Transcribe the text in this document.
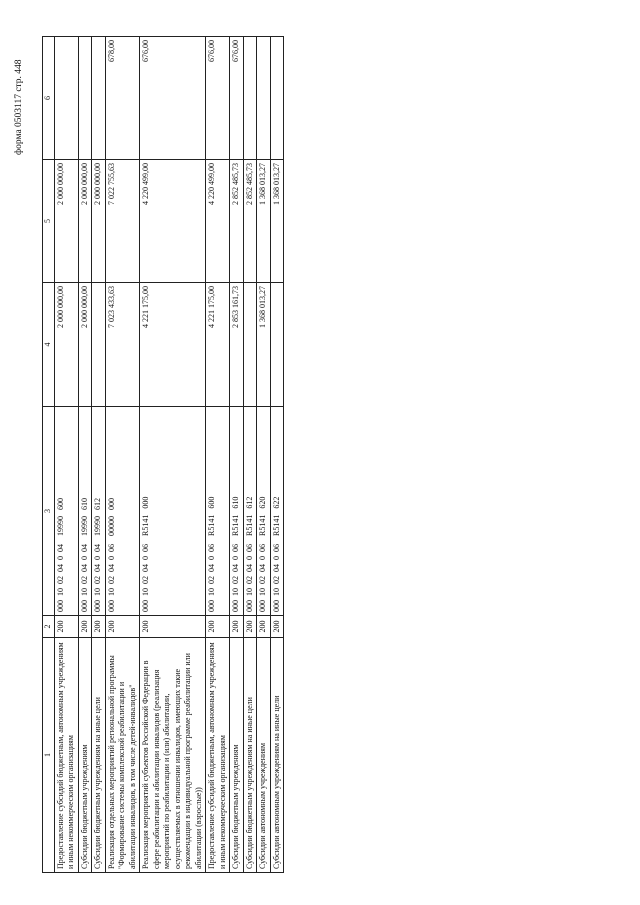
форма 0503117 стр. 448
1	2	3	4	5	6
Предоставление субсидий бюджетным, автономным учреждениям и иным некоммерческим организациям	200	000  10  02  04  0  04    19990   600	2 000 000,00	2 000 000,00	
Субсидии бюджетным учреждениям	200	000  10  02  04  0  04    19990   610	2 000 000,00	2 000 000,00	
Субсидии бюджетным учреждениям на иные цели	200	000  10  02  04  0  04    19990   612		2 000 000,00	
Реализация отдельных мероприятий региональной программы "Формирование системы комплексной реабилитации и абилитации инвалидов, в том числе детей-инвалидов"	200	000  10  02  04  0  06    00000   000	7 023 433,63	7 022 755,63	678,00
Реализация мероприятий субъектов Российской Федерации в сфере реабилитации и абилитации инвалидов (реализация мероприятий по реабилитации и (или) абилитации, осуществляемых в отношении инвалидов, имеющих такие рекомендации в индивидуальной программе реабилитации или абилитации (взрослые))	200	000  10  02  04  0  06    R5141   000	4 221 175,00	4 220 499,00	676,00
Предоставление субсидий бюджетным, автономным учреждениям и иным некоммерческим организациям	200	000  10  02  04  0  06    R5141   600	4 221 175,00	4 220 499,00	676,00
Субсидии бюджетным учреждениям	200	000  10  02  04  0  06    R5141   610	2 853 161,73	2 852 485,73	676,00
Субсидии бюджетным учреждениям на иные цели	200	000  10  02  04  0  06    R5141   612		2 852 485,73	
Субсидии автономным учреждениям	200	000  10  02  04  0  06    R5141   620	1 368 013,27	1 368 013,27	
Субсидии автономным учреждениям на иные цели	200	000  10  02  04  0  06    R5141   622		1 368 013,27	
